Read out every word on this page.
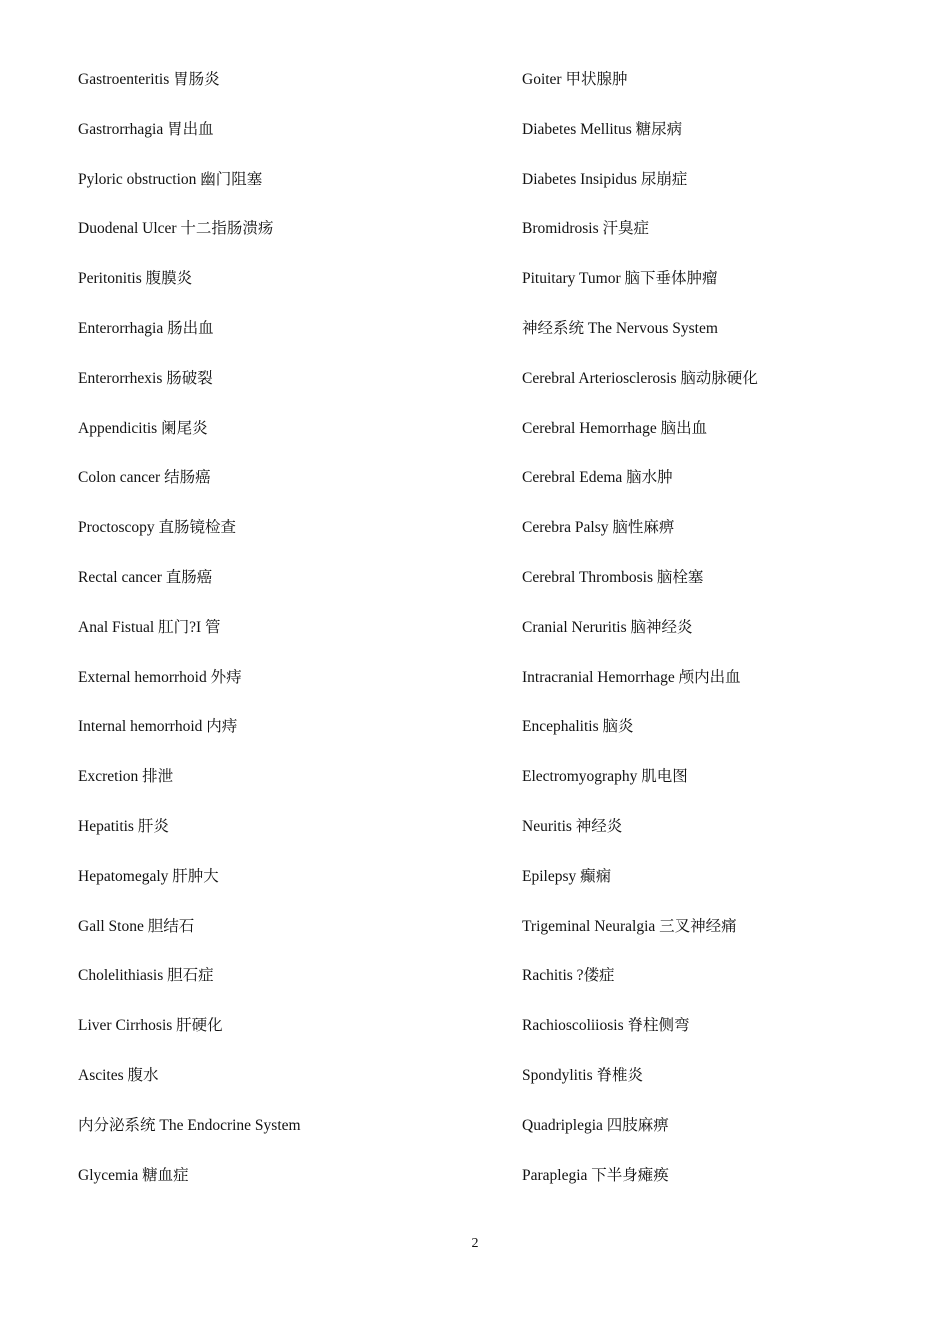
Gastroenteritis 胃肠炎
Gastrorrhagia 胃出血
Pyloric obstruction 幽门阻塞
Duodenal Ulcer 十二指肠溃疡
Peritonitis 腹膜炎
Enterorrhagia 肠出血
Enterorrhexis 肠破裂
Appendicitis 阑尾炎
Colon cancer 结肠癌
Proctoscopy 直肠镜检查
Rectal cancer 直肠癌
Anal Fistual 肛门?I 管
External hemorrhoid 外痔
Internal hemorrhoid 内痔
Excretion 排泄
Hepatitis 肝炎
Hepatomegaly 肝肿大
Gall Stone 胆结石
Cholelithiasis 胆石症
Liver Cirrhosis 肝硬化
Ascites 腹水
内分泌系统 The Endocrine System
Glycemia 糖血症
Goiter 甲状腺肿
Diabetes Mellitus 糖尿病
Diabetes Insipidus 尿崩症
Bromidrosis 汗臭症
Pituitary Tumor 脑下垂体肿瘤
神经系统 The Nervous System
Cerebral Arteriosclerosis 脑动脉硬化
Cerebral Hemorrhage 脑出血
Cerebral Edema 脑水肿
Cerebra Palsy 脑性麻痹
Cerebral Thrombosis 脑栓塞
Cranial Neruritis 脑神经炎
Intracranial Hemorrhage 颅内出血
Encephalitis 脑炎
Electromyography 肌电图
Neuritis 神经炎
Epilepsy 癫痫
Trigeminal Neuralgia 三叉神经痛
Rachitis ?偻症
Rachioscoliiosis 脊柱侧弯
Spondylitis 脊椎炎
Quadriplegia 四肢麻痹
Paraplegia 下半身瘫痪
2
